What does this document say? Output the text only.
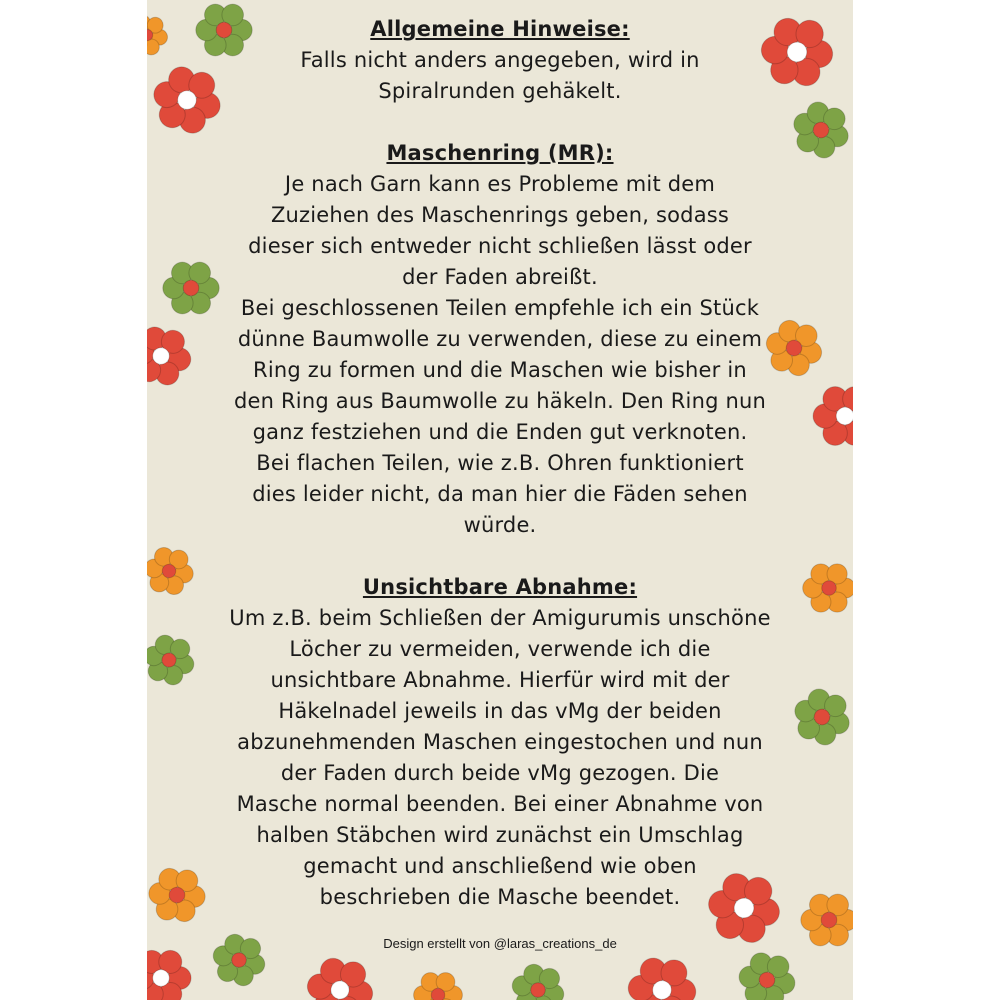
Allgemeine Hinweise:

Falls nicht anders angegeben, wird in

Spiralrunden gehäkelt.

Maschenring (MR):

Je nach Garn kann es Probleme mit dem

Zuziehen des Maschenrings geben, sodass

dieser sich entweder nicht schließen lässt oder

der Faden abreißt.

Bei geschlossenen Teilen empfehle ich ein Stück

dünne Baumwolle zu verwenden, diese zu einem

Ring zu formen und die Maschen wie bisher in

den Ring aus Baumwolle zu häkeln. Den Ring nun

ganz festziehen und die Enden gut verknoten.

Bei flachen Teilen, wie z.B. Ohren funktioniert

dies leider nicht, da man hier die Fäden sehen

würde.

Unsichtbare Abnahme:

Um z.B. beim Schließen der Amigurumis unschöne

Löcher zu vermeiden, verwende ich die

unsichtbare Abnahme. Hierfür wird mit der

Häkelnadel jeweils in das vMg der beiden

abzunehmenden Maschen eingestochen und nun

der Faden durch beide vMg gezogen. Die

Masche normal beenden. Bei einer Abnahme von

halben Stäbchen wird zunächst ein Umschlag

gemacht und anschließend wie oben

beschrieben die Masche beendet.

Design erstellt von @laras_creations_de
